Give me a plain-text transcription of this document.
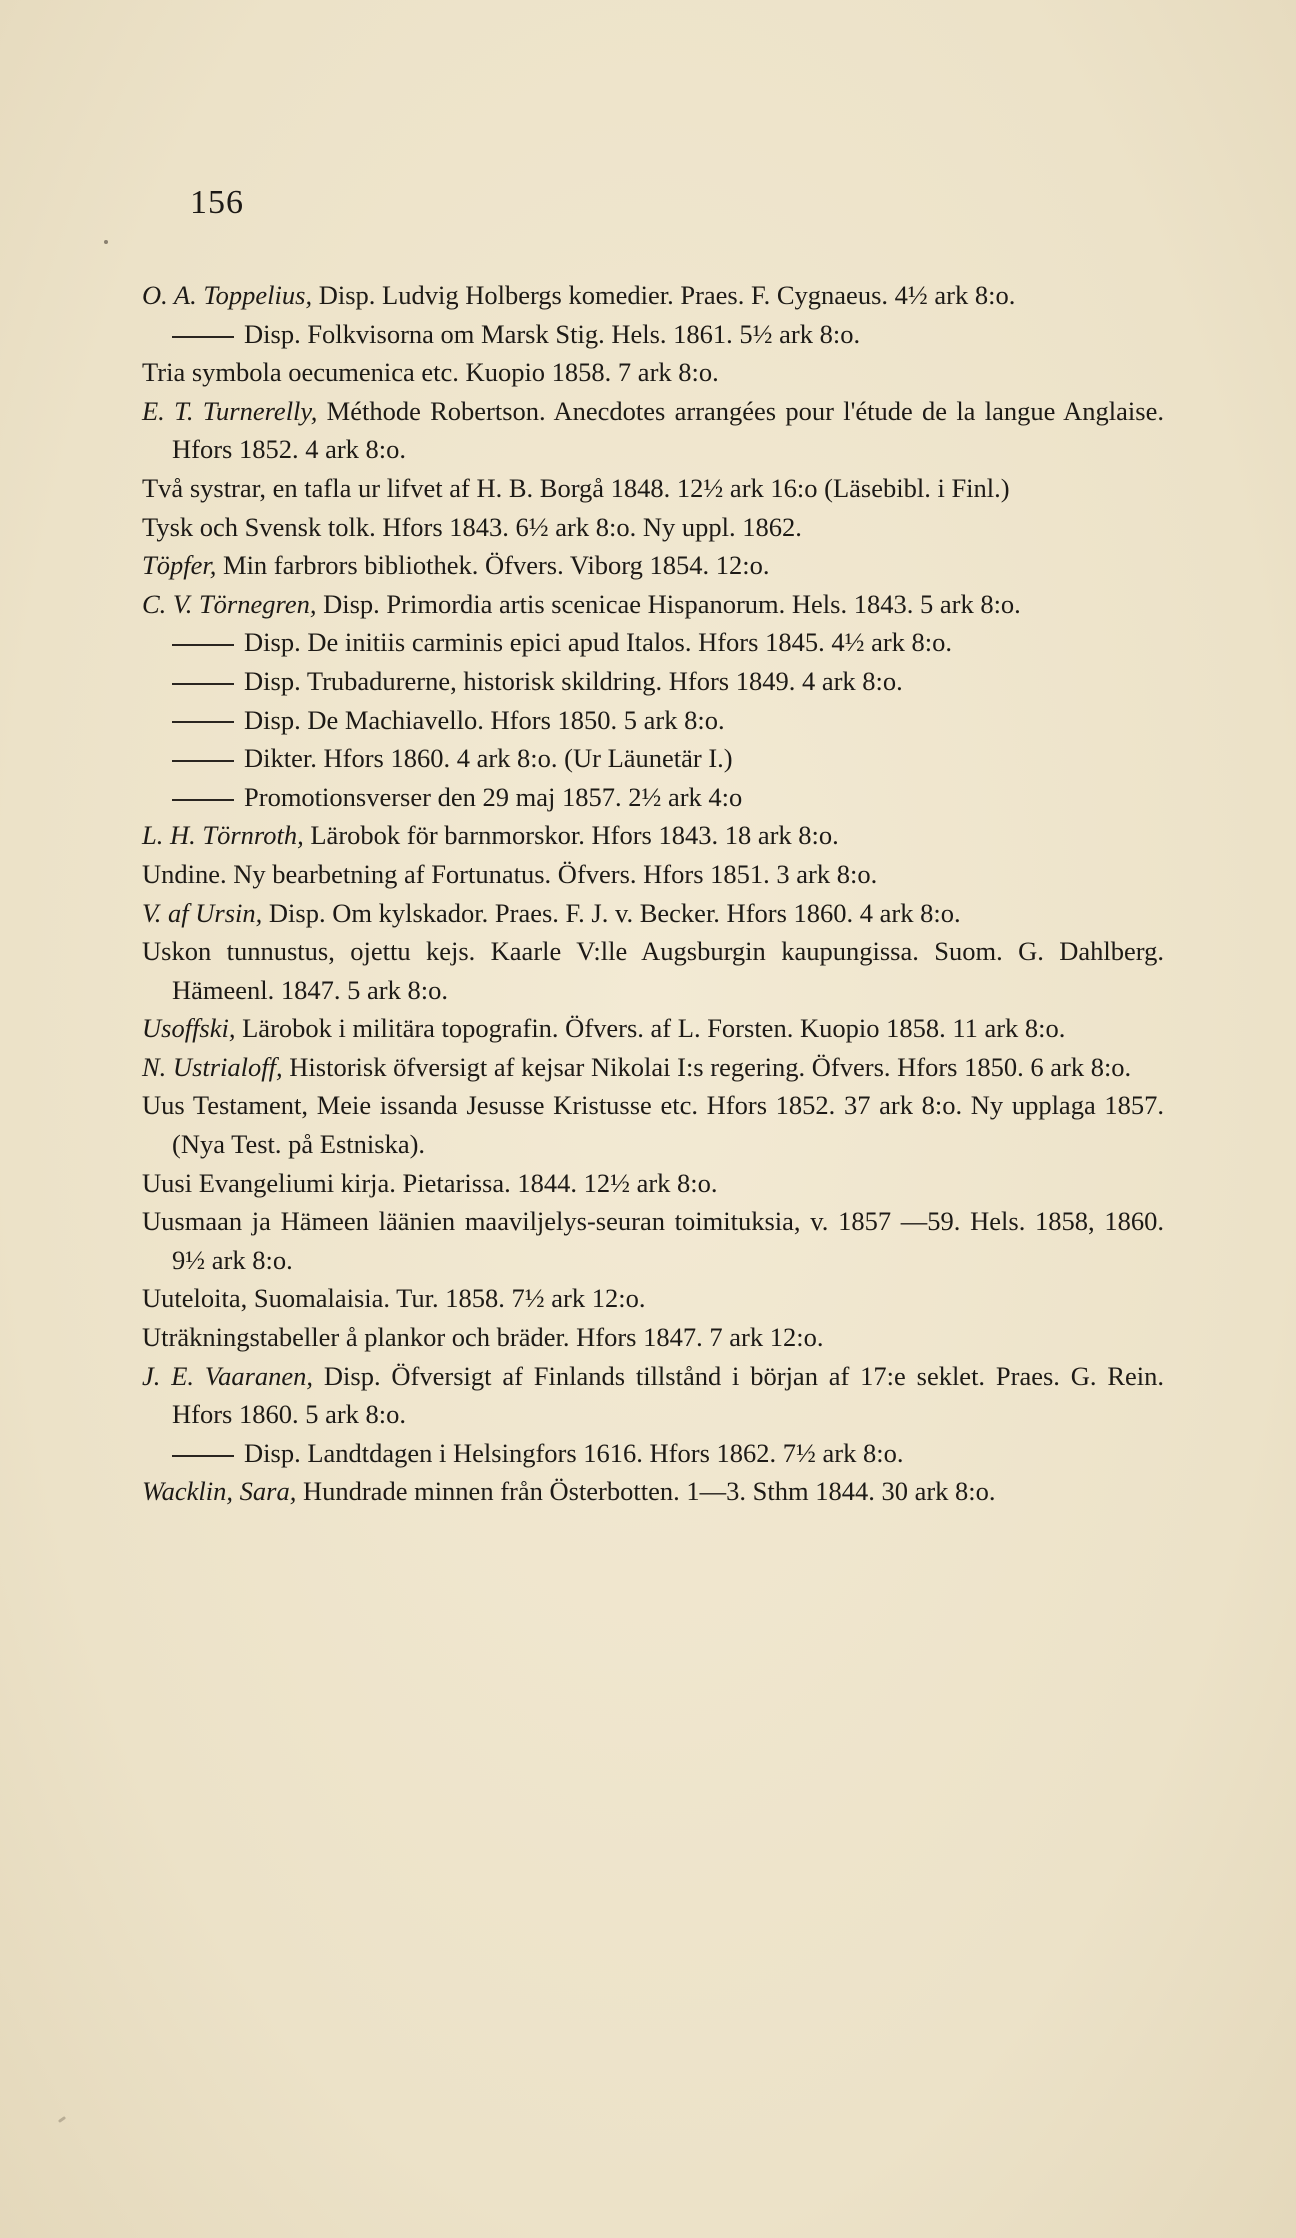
156
O. A. Toppelius, Disp. Ludvig Holbergs komedier. Praes. F. Cygnaeus. 4½ ark 8:o.
Disp. Folkvisorna om Marsk Stig. Hels. 1861. 5½ ark 8:o.
Tria symbola oecumenica etc. Kuopio 1858. 7 ark 8:o.
E. T. Turnerelly, Méthode Robertson. Anecdotes arrangées pour l'étude de la langue Anglaise. Hfors 1852. 4 ark 8:o.
Två systrar, en tafla ur lifvet af H. B. Borgå 1848. 12½ ark 16:o (Läsebibl. i Finl.)
Tysk och Svensk tolk. Hfors 1843. 6½ ark 8:o. Ny uppl. 1862.
Töpfer, Min farbrors bibliothek. Öfvers. Viborg 1854. 12:o.
C. V. Törnegren, Disp. Primordia artis scenicae Hispanorum. Hels. 1843. 5 ark 8:o.
Disp. De initiis carminis epici apud Italos. Hfors 1845. 4½ ark 8:o.
Disp. Trubadurerne, historisk skildring. Hfors 1849. 4 ark 8:o.
Disp. De Machiavello. Hfors 1850. 5 ark 8:o.
Dikter. Hfors 1860. 4 ark 8:o. (Ur Läunetär I.)
Promotionsverser den 29 maj 1857. 2½ ark 4:o
L. H. Törnroth, Lärobok för barnmorskor. Hfors 1843. 18 ark 8:o.
Undine. Ny bearbetning af Fortunatus. Öfvers. Hfors 1851. 3 ark 8:o.
V. af Ursin, Disp. Om kylskador. Praes. F. J. v. Becker. Hfors 1860. 4 ark 8:o.
Uskon tunnustus, ojettu kejs. Kaarle V:lle Augsburgin kaupungissa. Suom. G. Dahlberg. Hämeenl. 1847. 5 ark 8:o.
Usoffski, Lärobok i militära topografin. Öfvers. af L. Forsten. Kuopio 1858. 11 ark 8:o.
N. Ustrialoff, Historisk öfversigt af kejsar Nikolai I:s regering. Öfvers. Hfors 1850. 6 ark 8:o.
Uus Testament, Meie issanda Jesusse Kristusse etc. Hfors 1852. 37 ark 8:o. Ny upplaga 1857. (Nya Test. på Estniska).
Uusi Evangeliumi kirja. Pietarissa. 1844. 12½ ark 8:o.
Uusmaan ja Hämeen läänien maaviljelys-seuran toimituksia, v. 1857 —59. Hels. 1858, 1860. 9½ ark 8:o.
Uuteloita, Suomalaisia. Tur. 1858. 7½ ark 12:o.
Uträkningstabeller å plankor och bräder. Hfors 1847. 7 ark 12:o.
J. E. Vaaranen, Disp. Öfversigt af Finlands tillstånd i början af 17:e seklet. Praes. G. Rein. Hfors 1860. 5 ark 8:o.
Disp. Landtdagen i Helsingfors 1616. Hfors 1862. 7½ ark 8:o.
Wacklin, Sara, Hundrade minnen från Österbotten. 1—3. Sthm 1844. 30 ark 8:o.
